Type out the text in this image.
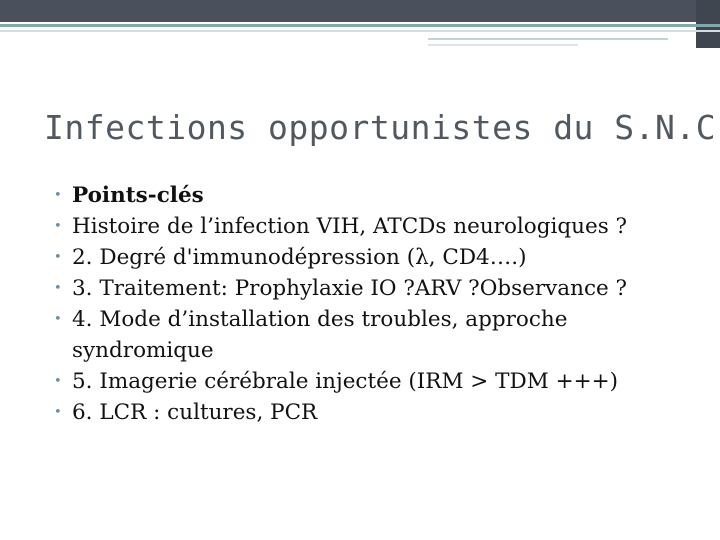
Infections opportunistes du S.N.C
• Points-clés
• Histoire de l’infection VIH, ATCDs neurologiques ?
• 2. Degré d'immunodépression (λ, CD4….)
• 3. Traitement: Prophylaxie IO ?ARV ?Observance ?
• 4. Mode d’installation des troubles, approche syndromique
• 5. Imagerie cérébrale injectée (IRM > TDM +++)
• 6. LCR : cultures, PCR
